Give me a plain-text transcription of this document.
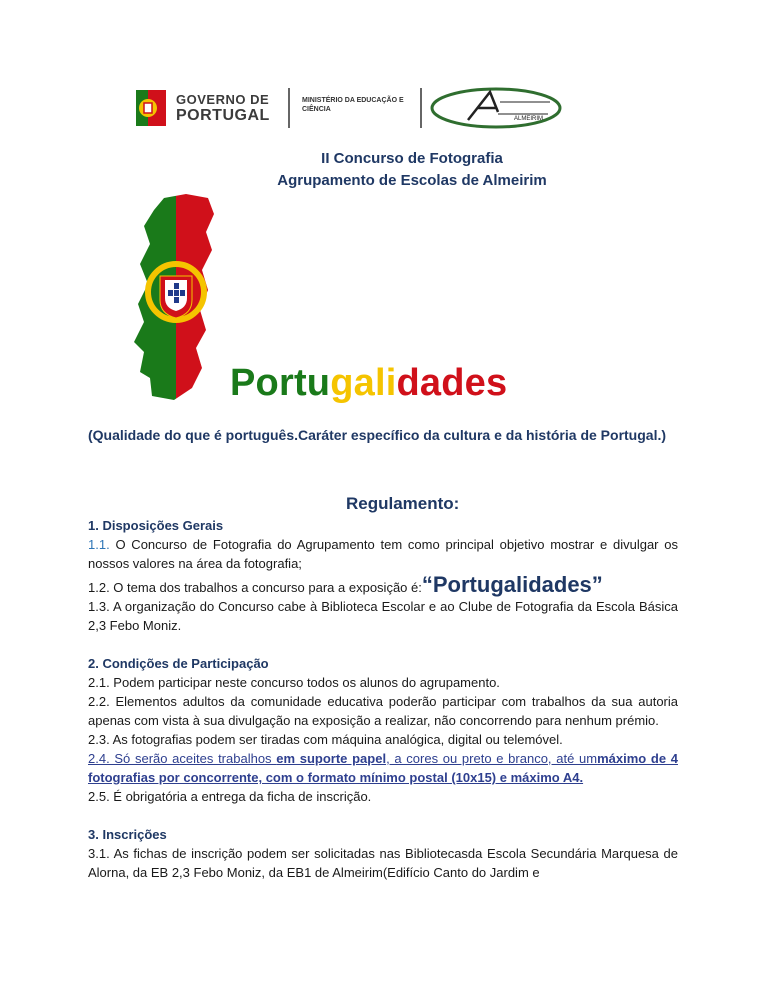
GOVERNO DE
PORTUGAL
MINISTÉRIO DA EDUCAÇÃO E CIÊNCIA
ALMEIRIM
II Concurso de Fotografia
Agrupamento de Escolas de Almeirim
Portugalidades
(Qualidade do que é português.Caráter específico da cultura e da história de Portugal.)
Regulamento:

1. Disposições Gerais

1.1. O Concurso de Fotografia do Agrupamento tem como principal objetivo mostrar e divulgar os nossos valores na área da fotografia;

1.2. O tema dos trabalhos a concurso para a exposição é:“Portugalidades”

1.3. A organização do Concurso cabe à Biblioteca Escolar e ao Clube de Fotografia da Escola Básica 2,3 Febo Moniz.

2. Condições de Participação

2.1. Podem participar neste concurso todos os alunos do agrupamento.

2.2. Elementos adultos da comunidade educativa poderão participar com trabalhos da sua autoria apenas com vista à sua divulgação na exposição a realizar, não concorrendo para nenhum prémio.

2.3. As fotografias podem ser tiradas com máquina analógica, digital ou telemóvel.

2.4. Só serão aceites trabalhos em suporte papel, a cores ou preto e branco, até ummáximo de 4 fotografias por concorrente, com o formato mínimo postal (10x15) e máximo A4.

2.5. É obrigatória a entrega da ficha de inscrição.

3. Inscrições

3.1. As fichas de inscrição podem ser solicitadas nas Bibliotecasda Escola Secundária Marquesa de Alorna, da EB 2,3 Febo Moniz, da EB1 de Almeirim(Edifício Canto do Jardim e
